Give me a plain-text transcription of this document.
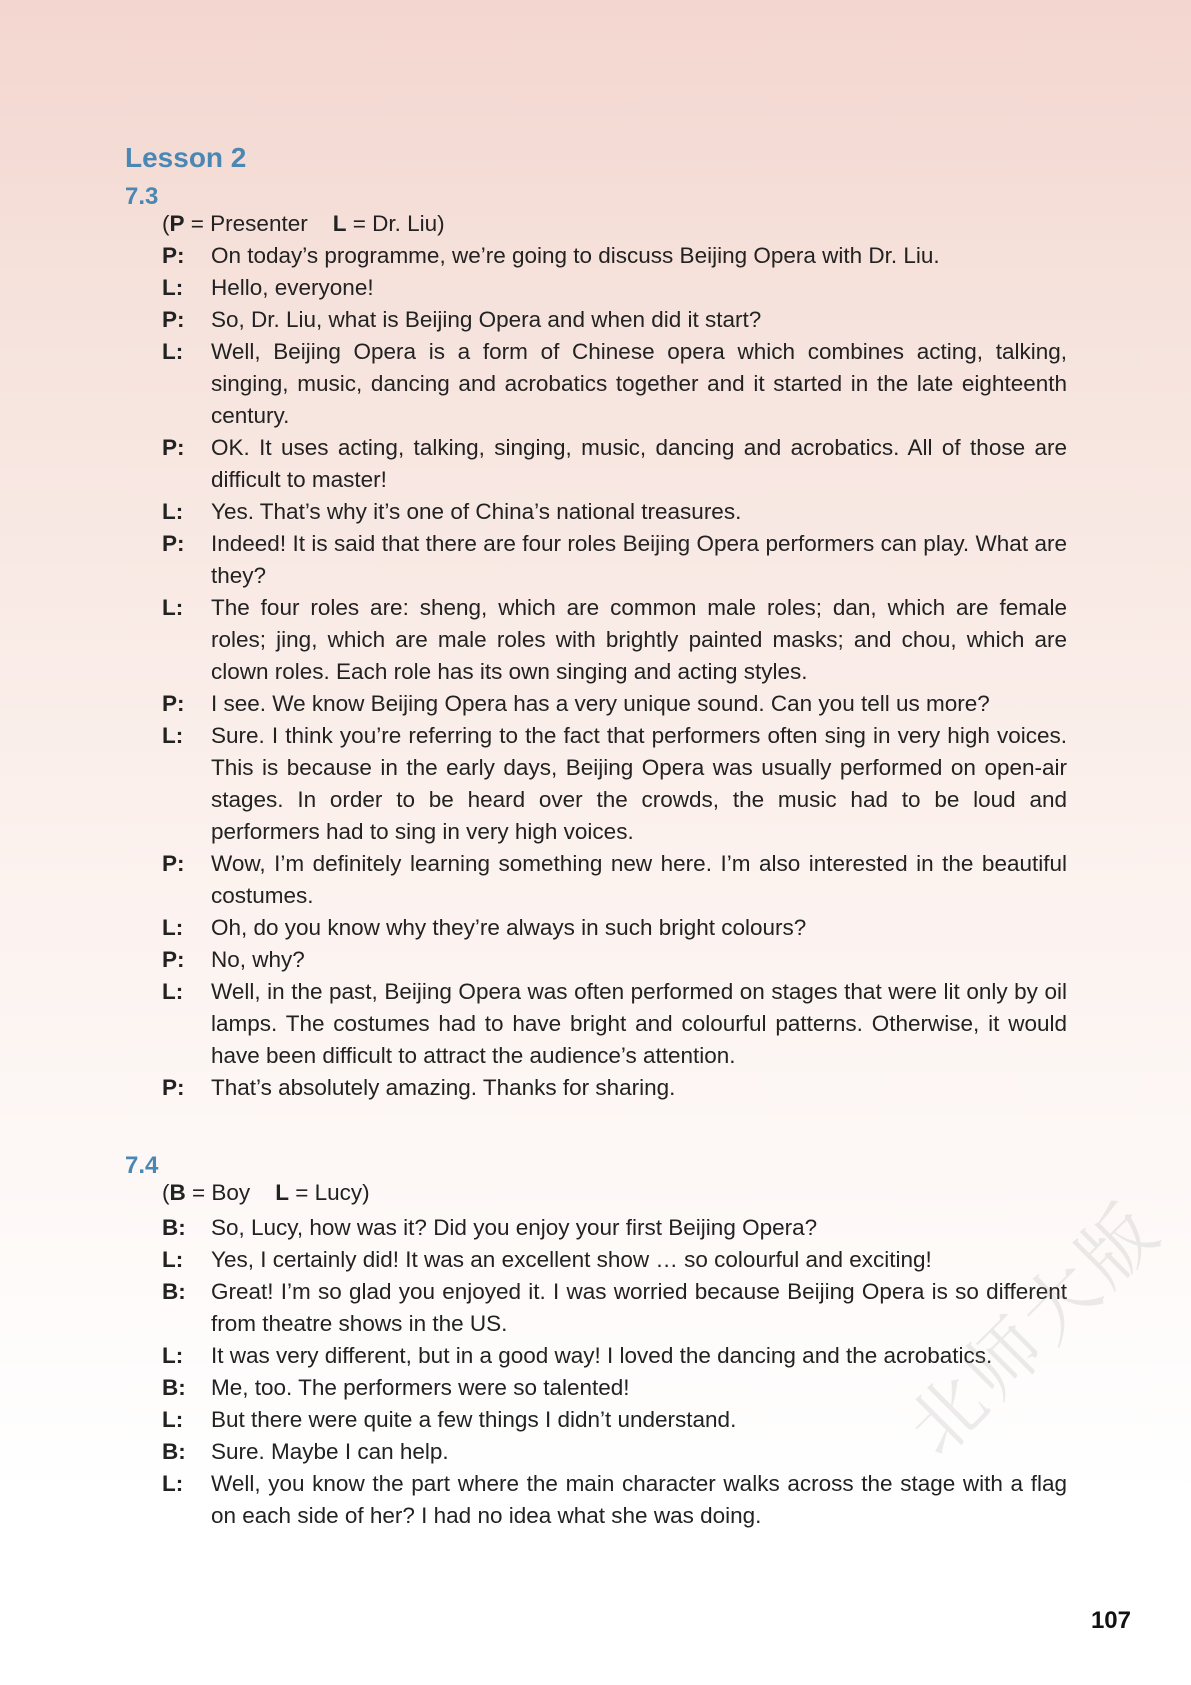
Lesson 2
7.3
(P = Presenter L = Dr. Liu)
P:	On today’s programme, we’re going to discuss Beijing Opera with Dr. Liu.
L:	Hello, everyone!
P:	So, Dr. Liu, what is Beijing Opera and when did it start?
L:	Well, Beijing Opera is a form of Chinese opera which combines acting, talking, singing, music, dancing and acrobatics together and it started in the late eighteenth century.
P:	OK. It uses acting, talking, singing, music, dancing and acrobatics. All of those are difficult to master!
L:	Yes. That’s why it’s one of China’s national treasures.
P:	Indeed! It is said that there are four roles Beijing Opera performers can play. What are they?
L:	The four roles are: sheng, which are common male roles; dan, which are female roles; jing, which are male roles with brightly painted masks; and chou, which are clown roles. Each role has its own singing and acting styles.
P:	I see. We know Beijing Opera has a very unique sound. Can you tell us more?
L:	Sure. I think you’re referring to the fact that performers often sing in very high voices. This is because in the early days, Beijing Opera was usually performed on open-air stages. In order to be heard over the crowds, the music had to be loud and performers had to sing in very high voices.
P:	Wow, I’m definitely learning something new here. I’m also interested in the beautiful costumes.
L:	Oh, do you know why they’re always in such bright colours?
P:	No, why?
L:	Well, in the past, Beijing Opera was often performed on stages that were lit only by oil lamps. The costumes had to have bright and colourful patterns. Otherwise, it would have been difficult to attract the audience’s attention.
P:	That’s absolutely amazing. Thanks for sharing.
7.4
(B = Boy L = Lucy)
B:	So, Lucy, how was it? Did you enjoy your first Beijing Opera?
L:	Yes, I certainly did! It was an excellent show … so colourful and exciting!
B:	Great! I’m so glad you enjoyed it. I was worried because Beijing Opera is so different from theatre shows in the US.
L:	It was very different, but in a good way! I loved the dancing and the acrobatics.
B:	Me, too. The performers were so talented!
L:	But there were quite a few things I didn’t understand.
B:	Sure. Maybe I can help.
L:	Well, you know the part where the main character walks across the stage with a flag on each side of her? I had no idea what she was doing.
北师大版
107
